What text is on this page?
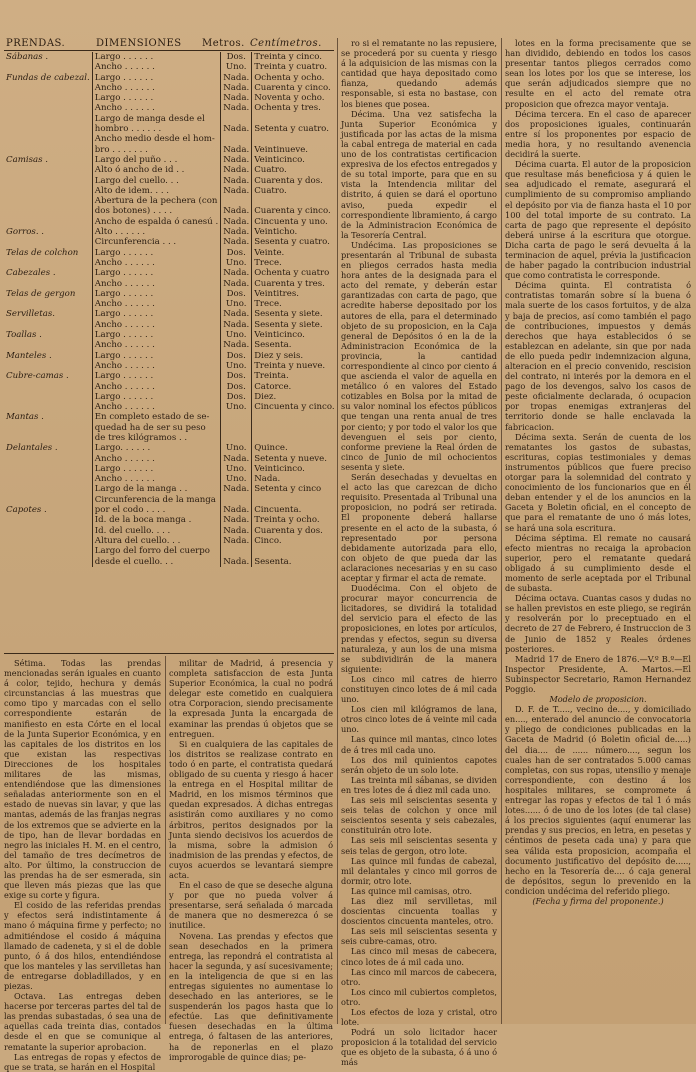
PRENDAS.	DIMENSIONES Metros. Centímetros.
Sábanas .	Largo . . . . . .	Dos.	Treinta y cinco.
	Ancho . . . . . .	Uno.	Treinta y cuatro.
Fundas de cabezal.	Largo . . . . . .	Nada.	Ochenta y ocho.
	Ancho . . . . . .	Nada.	Cuarenta y cinco.
	Largo . . . . . .	Nada.	Noventa y ocho.
	Ancho . . . . . .	Nada.	Ochenta y tres.
	Largo de manga desde el		
	hombro . . . . . .	Nada.	Setenta y cuatro.
	Ancho medio desde el hom-		
	bro . . . . . . .	Nada.	Veintinueve.
Camisas .	Largo del puño . . .	Nada.	Veinticinco.
	Alto ó ancho de id . .	Nada.	Cuatro.
	Largo del cuello. . .	Nada.	Cuarenta y dos.
	Alto de idem. . . .	Nada.	Cuatro.
	Abertura de la pechera (con		
	dos botones) . . . .	Nada.	Cuarenta y cinco.
	Ancho de espalda ó canesú .	Nada.	Cincuenta y uno.
Gorros. .	Alto . . . . . .	Nada.	Veinticho.
	Circunferencia . . .	Nada.	Sesenta y cuatro.
Telas de colchon	Largo . . . . . .	Dos.	Veinte.
	Ancho . . . . . .	Uno.	Trece.
Cabezales .	Largo . . . . . .	Nada.	Ochenta y cuatro
	Ancho . . . . . .	Nada.	Cuarenta y tres.
Telas de gergon	Largo . . . . . .	Dos.	Veintitres.
	Ancho . . . . . .	Uno.	Trece.
Servilletas.	Largo . . . . . .	Nada.	Sesenta y siete.
	Ancho . . . . . .	Nada.	Sesenta y siete.
Toallas .	Largo . . . . . .	Uno.	Veinticinco.
	Ancho . . . . . .	Nada.	Sesenta.
Manteles .	Largo . . . . . .	Dos.	Diez y seis.
	Ancho . . . . . .	Uno.	Treinta y nueve.
Cubre-camas .	Largo . . . . . .	Dos.	Treinta.
	Ancho . . . . . .	Dos.	Catorce.
	Largo . . . . . .	Dos.	Diez.
	Ancho . . . . . .	Uno.	Cincuenta y cinco.
Mantas .	En completo estado de se-		
	quedad ha de ser su peso		
	de tres kilógramos . .		
Delantales .	Largo. . . . . .	Uno.	Quince.
	Ancho . . . . . .	Nada.	Setenta y nueve.
	Largo . . . . . .	Uno.	Veinticinco.
	Ancho . . . . . .	Uno.	Nada.
	Largo de la manga . .	Nada.	Setenta y cinco
	Circunferencia de la manga		
Capotes .	por el codo . . . .	Nada.	Cincuenta.
	Id. de la boca manga .	Nada.	Treinta y ocho.
	Id. del cuello. . . .	Nada.	Cuarenta y dos.
	Altura del cuello. . .	Nada.	Cinco.
	Largo del forro del cuerpo		
	desde el cuello. . .	Nada.	Sesenta.

ro si el rematante no las repusiere, se procederá por su cuenta y riesgo á la adquisicion de las mismas con la cantidad que haya depositado como fianza, quedando además responsable, si esta no bastase, con los bienes que posea.

Décima. Una vez satisfecha la Junta Superior Económica y justificada por las actas de la misma la cabal entrega de material en cada uno de los contratistas certificacion expresiva de los efectos entregados y de su total importe, para que en su vista la Intendencia militar del distrito, á quien se dará el oportuno aviso, pueda expedir el correspondiente libramiento, á cargo de la Administracion Económica de la Tesorería Central.

Undécima. Las proposiciones se presentarán al Tribunal de subasta en pliegos cerrados hasta media hora antes de la designada para el acto del remate, y deberán estar garantizadas con carta de pago, que acredite haberse depositado por los autores de ella, para el determinado objeto de su proposicion, en la Caja general de Depósitos ó en la de la Administracion Económica de la provincia, la cantidad correspondiente al cinco por ciento á que ascienda el valor de aquella en metálico ó en valores del Estado cotizables en Bolsa por la mitad de su valor nominal los efectos públicos que tengan una renta anual de tres por ciento; y por todo el valor los que devenguen el seis por ciento, conforme previene la Real órden de cinco de Junio de mil ochocientos sesenta y siete.

Serán desechadas y devueltas en el acto las que carezcan de dicho requisito. Presentada al Tribunal una proposicion, no podrá ser retirada. El proponente deberá hallarse presente en el acto de la subasta, ó representado por persona debidamente autorizada para ello, con objeto de que pueda dar las aclaraciones necesarias y en su caso aceptar y firmar el acta de remate.

Duodécima. Con el objeto de procurar mayor concurrencia de licitadores, se dividirá la totalidad del servicio para el efecto de las proposiciones, en lotes por artículos, prendas y efectos, segun su diversa naturaleza, y aun los de una misma se subdividirán de la manera siguiente:

Los cinco mil catres de hierro constituyen cinco lotes de á mil cada uno.

Los cien mil kilógramos de lana, otros cinco lotes de á veinte mil cada uno.

Las quince mil mantas, cinco lotes de á tres mil cada uno.

Los dos mil quinientos capotes serán objeto de un solo lote.

Las treinta mil sábanas, se dividen en tres lotes de á diez mil cada uno.

Las seis mil seiscientas sesenta y seis telas de colchon y once mil seiscientos sesenta y seis cabezales, constituirán otro lote.

Las seis mil seiscientas sesenta y seis telas de gergon, otro lote.

Las quince mil fundas de cabezal, mil delantales y cinco mil gorros de dormir, otro lote.

Las quince mil camisas, otro.

Las diez mil servilletas, mil doscientas cincuenta toallas y doscientos cincuenta manteles, otro.

Las seis mil seiscientas sesenta y seis cubre-camas, otro.

Las cinco mil mesas de cabecera, cinco lotes de á mil cada uno.

Las cinco mil marcos de cabecera, otro.

Los cinco mil cubiertos completos, otro.

Los efectos de loza y cristal, otro lote.

Podrá un solo licitador hacer proposicion á la totalidad del servicio que es objeto de la subasta, ó á uno ó más

lotes en la forma precisamente que se han dividido, debiendo en todos los casos presentar tantos pliegos cerrados como sean los lotes por los que se interese, los que serán adjudicados siempre que no resulte en el acto del remate otra proposicion que ofrezca mayor ventaja.

Décima tercera. En el caso de aparecer dos proposiciones iguales, continuarán entre sí los proponentes por espacio de media hora, y no resultando avenencia decidirá la suerte.

Décima cuarta. El autor de la proposicion que resultase más beneficiosa y á quien le sea adjudicado el remate, asegurará el cumplimiento de su compromiso ampliando el depósito por via de fianza hasta el 10 por 100 del total importe de su contrato. La carta de pago que represente el depósito deberá unirse á la escritura que otorgue. Dicha carta de pago le será devuelta á la terminacion de aquel, prévia la justificacion de haber pagado la contribucion industrial que como contratista le corresponde.

Décima quinta. El contratista ó contratistas tomarán sobre sí la buena ó mala suerte de los casos fortuitos, y de alza y baja de precios, así como también el pago de contribuciones, impuestos y demás derechos que haya establecidos ó se establezcan en adelante, sin que por nada de ello pueda pedir indemnizacion alguna, alteracion en el precio convenido, rescision del contrato, ni interés por la demora en el pago de los devengos, salvo los casos de peste oficialmente declarada, ó ocupacion por tropas enemigas extranjeras del territorio donde se halle enclavada la fabricacion.

Décima sexta. Serán de cuenta de los rematantes los gastos de subastas, escrituras, copias testimoniales y demas instrumentos públicos que fuere preciso otorgar para la solemnidad del contrato y conocimiento de los funcionarios que en él deban entender y el de los anuncios en la Gaceta y Boletin oficial, en el concepto de que para el rematante de uno ó más lotes, se hará una sola escritura.

Décima séptima. El remate no causará efecto mientras no recaiga la aprobacion superior, pero el rematante quedará obligado á su cumplimiento desde el momento de serle aceptada por el Tribunal de subasta.

Décima octava. Cuantas casos y dudas no se hallen previstos en este pliego, se regirán y resolverán por lo preceptuado en el decreto de 27 de Febrero, é Instruccion de 3 de Junio de 1852 y Reales órdenes posteriores.

Madrid 17 de Enero de 1876.—V.º B.º—El Inspector Presidente, A. Martos.—El Subinspector Secretario, Ramon Hernandez Poggio.

Modelo de proposicion.

D. F. de T....., vecino de...., y domiciliado en...., enterado del anuncio de convocatoria y pliego de condiciones publicadas en la Gaceta de Madrid (ó Boletin oficial de.....) del dia.... de ...... número...., segun los cuales han de ser contratados 5.000 camas completas, con sus ropas, utensilio y menaje correspondiente, con destino á los hospitales militares, se compromete á entregar las ropas y efectos de tal 1 ó más lotes...... ó de uno de los lotes (de tal clase) á los precios siguientes (aquí enumerar las prendas y sus precios, en letra, en pesetas y céntimos de peseta cada una) y para que sea válida esta proposicion, acompaña el documento justificativo del depósito de....., hecho en la Tesorería de.... ó caja general de depósitos, segun lo prevenido en la condicion undécima del referido pliego.

(Fecha y firma del proponente.)

Sétima. Todas las prendas mencionadas serán iguales en cuanto á color, tejido, hechura y demás circunstancias á las muestras que como tipo y marcadas con el sello correspondiente estarán de manifiesto en esta Córte en el local de la Junta Superior Económica, y en las capitales de los distritos en los que existan las respectivas Direcciones de los hospitales militares de las mismas, entendiéndose que las dimensiones señaladas anteriormente son en el estado de nuevas sin lavar, y que las mantas, además de las franjas negras de los extremos que se advierte en la de tipo, han de llevar bordadas en negro las iniciales H. M. en el centro, del tamaño de tres decímetros de alto. Por último, la construccion de las prendas ha de ser esmerada, sin que lleven más piezas que las que exige su corte y figura.

El cosido de las referidas prendas y efectos será indistintamente á mano ó máquina firme y perfecto; no admitiéndose el cosido á máquina llamado de cadeneta, y si el de doble punto, ó á dos hilos, entendiéndose que los manteles y las servilletas han de entregarse dobladillados, y en piezas.

Octava. Las entregas deben hacerse por terceras partes del tal de las prendas subastadas, ó sea una de aquellas cada treinta dias, contados desde el en que se comunique al rematante la superior aprobacion.

Las entregas de ropas y efectos de que se trata, se harán en el Hospital

militar de Madrid, á presencia y completa satisfaccion de esta Junta Superior Económica, la cual no podrá delegar este cometido en cualquiera otra Corporacion, siendo precisamente la expresada Junta la encargada de examinar las prendas ú objetos que se entreguen.

Si en cualquiera de las capitales de los distritos se realizase contrato en todo ó en parte, el contratista quedará obligado de su cuenta y riesgo á hacer la entrega en el Hospital militar de Madrid, en los mismos términos que quedan expresados. Á dichas entregas asistirán como auxiliares y no como árbitros, peritos designados por la Junta siendo decisivos los acuerdos de la misma, sobre la admision ó inadmision de las prendas y efectos, de cuyos acuerdos se levantará siempre acta.

En el caso de que se deseche alguna y por que no pueda volver á presentarse, será señalada ó marcada de manera que no desmerezca ó se inutilice.

Novena. Las prendas y efectos que sean desechados en la primera entrega, las repondrá el contratista al hacer la segunda, y así sucesivamente; en la inteligencia de que si en las entregas siguientes no aumentase lo desechado en las anteriores, se le suspenderán los pagos hasta que lo efectúe. Las que definitivamente fuesen desechadas en la última entrega, ó faltasen de las anteriores, ha de reponerlas en el plazo improrogable de quince dias; pe-
